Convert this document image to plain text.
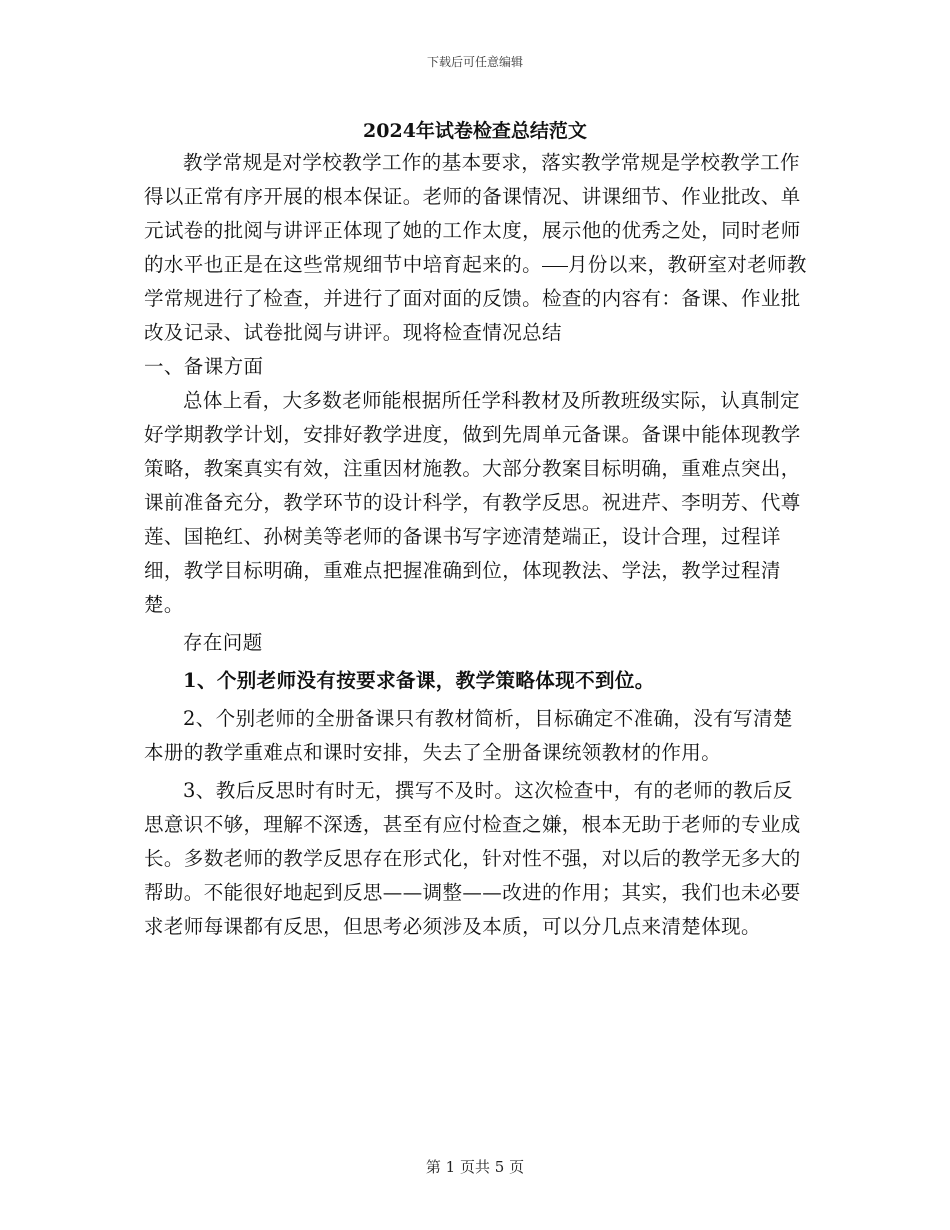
下载后可任意编辑
2024年试卷检查总结范文

教学常规是对学校教学工作的基本要求，落实教学常规是学校教学工作得以正常有序开展的根本保证。老师的备课情况、讲课细节、作业批改、单元试卷的批阅与讲评正体现了她的工作太度，展示他的优秀之处，同时老师的水平也正是在这些常规细节中培育起来的。 月份以来，教研室对老师教学常规进行了检查，并进行了面对面的反馈。检查的内容有：备课、作业批改及记录、试卷批阅与讲评。现将检查情况总结

一、备课方面

总体上看，大多数老师能根据所任学科教材及所教班级实际，认真制定好学期教学计划，安排好教学进度，做到先周单元备课。备课中能体现教学策略，教案真实有效，注重因材施教。大部分教案目标明确，重难点突出，课前准备充分，教学环节的设计科学，有教学反思。祝进芹、李明芳、代尊莲、国艳红、孙树美等老师的备课书写字迹清楚端正，设计合理，过程详细，教学目标明确，重难点把握准确到位，体现教法、学法，教学过程清楚。

存在问题

1、个别老师没有按要求备课，教学策略体现不到位。

2、个别老师的全册备课只有教材简析，目标确定不准确，没有写清楚本册的教学重难点和课时安排，失去了全册备课统领教材的作用。

3、教后反思时有时无，撰写不及时。这次检查中，有的老师的教后反思意识不够，理解不深透，甚至有应付检查之嫌，根本无助于老师的专业成长。多数老师的教学反思存在形式化，针对性不强，对以后的教学无多大的帮助。不能很好地起到反思——调整——改进的作用；其实，我们也未必要求老师每课都有反思，但思考必须涉及本质，可以分几点来清楚体现。

第 1 页共 5 页
